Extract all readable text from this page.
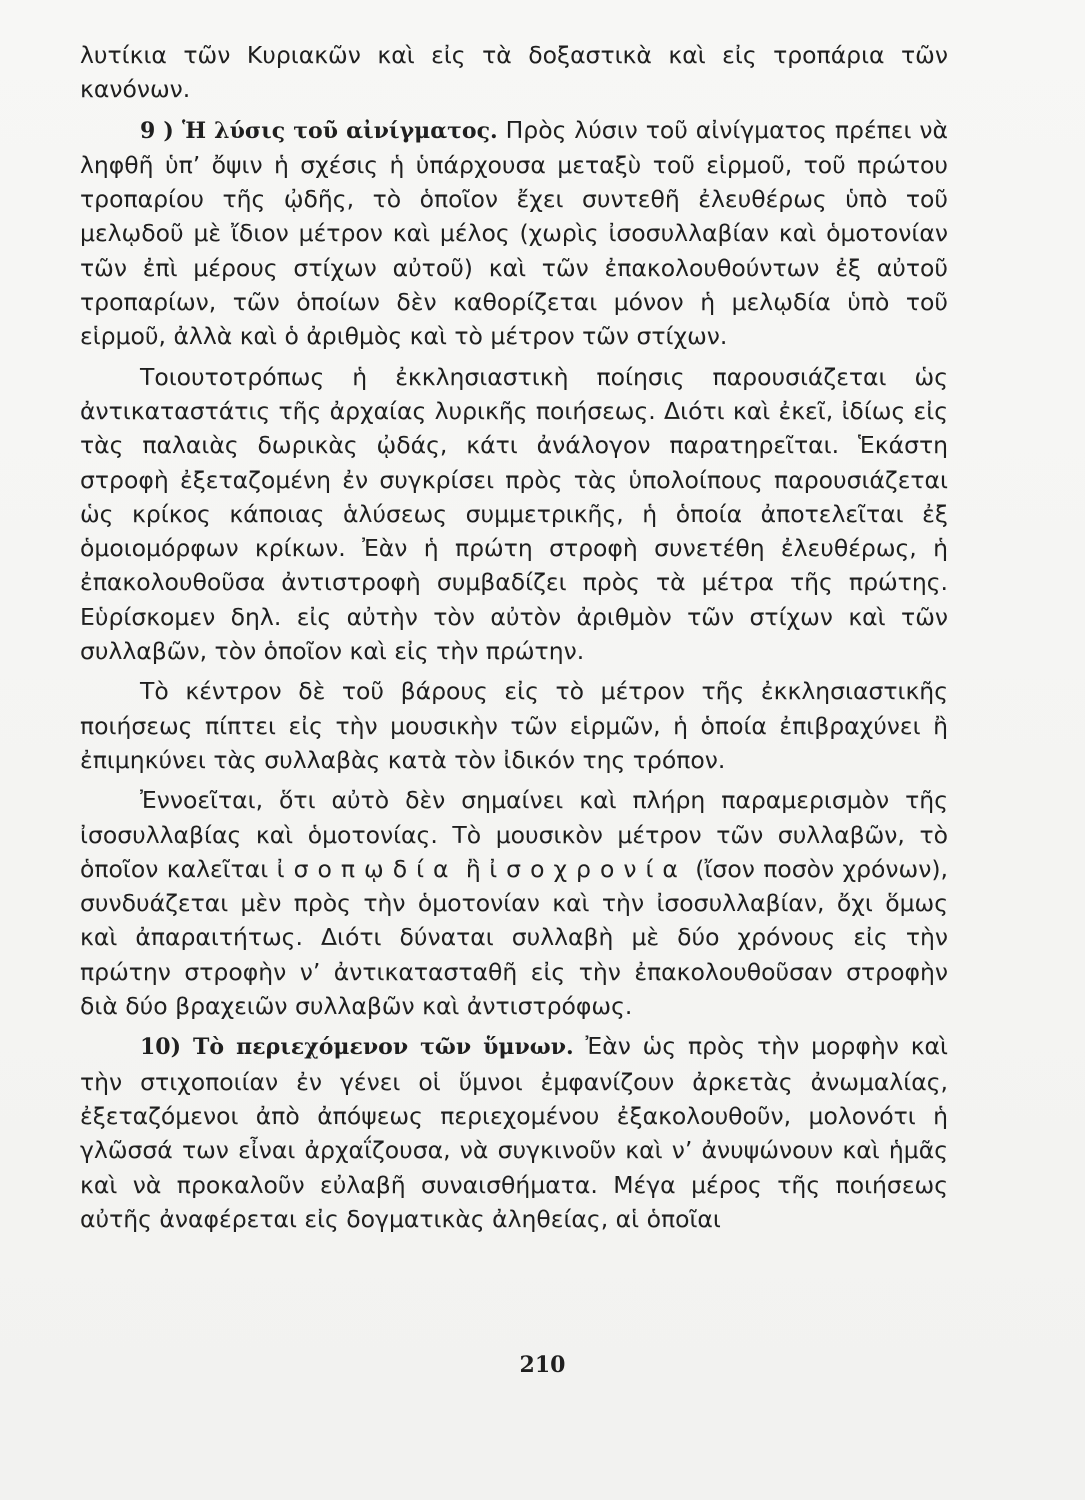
λυτίκια τῶν Κυριακῶν καὶ εἰς τὰ δοξαστικὰ καὶ εἰς τροπάρια τῶν κανόνων.

9 ) Ἡ λύσις τοῦ αἰνίγματος. Πρὸς λύσιν τοῦ αἰνίγματος πρέπει νὰ ληφθῆ ὑπ’ ὄψιν ἡ σχέσις ἡ ὑπάρχουσα μεταξὺ τοῦ εἱρμοῦ, τοῦ πρώτου τροπαρίου τῆς ᾠδῆς, τὸ ὁποῖον ἔχει συντεθῆ ἐλευθέρως ὑπὸ τοῦ μελῳδοῦ μὲ ἴδιον μέτρον καὶ μέλος (χωρὶς ἰσοσυλλαβίαν καὶ ὁμοτονίαν τῶν ἐπὶ μέρους στίχων αὐτοῦ) καὶ τῶν ἐπακολουθούντων ἐξ αὐτοῦ τροπαρίων, τῶν ὁποίων δὲν καθορίζεται μόνον ἡ μελῳδία ὑπὸ τοῦ εἱρμοῦ, ἀλλὰ καὶ ὁ ἀριθμὸς καὶ τὸ μέτρον τῶν στίχων.

Τοιουτοτρόπως ἡ ἐκκλησιαστικὴ ποίησις παρουσιάζεται ὡς ἀντικαταστάτις τῆς ἀρχαίας λυρικῆς ποιήσεως. Διότι καὶ ἐκεῖ, ἰδίως εἰς τὰς παλαιὰς δωρικὰς ᾠδάς, κάτι ἀνάλογον παρατηρεῖται. Ἑκάστη στροφὴ ἐξεταζομένη ἐν συγκρίσει πρὸς τὰς ὑπολοίπους παρουσιάζεται ὡς κρίκος κάποιας ἁλύσεως συμμετρικῆς, ἡ ὁποία ἀποτελεῖται ἐξ ὁμοιομόρφων κρίκων. Ἐὰν ἡ πρώτη στροφὴ συνετέθη ἐλευθέρως, ἡ ἐπακολουθοῦσα ἀντιστροφὴ συμβαδίζει πρὸς τὰ μέτρα τῆς πρώτης. Εὑρίσκομεν δηλ. εἰς αὐτὴν τὸν αὐτὸν ἀριθμὸν τῶν στίχων καὶ τῶν συλλαβῶν, τὸν ὁποῖον καὶ εἰς τὴν πρώτην.

Τὸ κέντρον δὲ τοῦ βάρους εἰς τὸ μέτρον τῆς ἐκκλησιαστικῆς ποιήσεως πίπτει εἰς τὴν μουσικὴν τῶν εἱρμῶν, ἡ ὁποία ἐπιβραχύνει ἢ ἐπιμηκύνει τὰς συλλαβὰς κατὰ τὸν ἰδικόν της τρόπον.

Ἐννοεῖται, ὅτι αὐτὸ δὲν σημαίνει καὶ πλήρη παραμερισμὸν τῆς ἰσοσυλλαβίας καὶ ὁμοτονίας. Τὸ μουσικὸν μέτρον τῶν συλλαβῶν, τὸ ὁποῖον καλεῖται ἰσοπῳδία ἢ ἰσοχρονία (ἴσον ποσὸν χρόνων), συνδυάζεται μὲν πρὸς τὴν ὁμοτονίαν καὶ τὴν ἰσοσυλλαβίαν, ὄχι ὅμως καὶ ἀπαραιτήτως. Διότι δύναται συλλαβὴ μὲ δύο χρόνους εἰς τὴν πρώτην στροφὴν ν’ ἀντικατασταθῆ εἰς τὴν ἐπακολουθοῦσαν στροφὴν διὰ δύο βραχειῶν συλλαβῶν καὶ ἀντιστρόφως.

10) Τὸ περιεχόμενον τῶν ὕμνων. Ἐὰν ὡς πρὸς τὴν μορφὴν καὶ τὴν στιχοποιίαν ἐν γένει οἱ ὕμνοι ἐμφανίζουν ἀρκετὰς ἀνωμαλίας, ἐξεταζόμενοι ἀπὸ ἀπόψεως περιεχομένου ἐξακολουθοῦν, μολονότι ἡ γλῶσσά των εἶναι ἀρχαΐζουσα, νὰ συγκινοῦν καὶ ν’ ἀνυψώνουν καὶ ἡμᾶς καὶ νὰ προκαλοῦν εὐλαβῆ συναισθήματα. Μέγα μέρος τῆς ποιήσεως αὐτῆς ἀναφέρεται εἰς δογματικὰς ἀληθείας, αἱ ὁποῖαι

210
